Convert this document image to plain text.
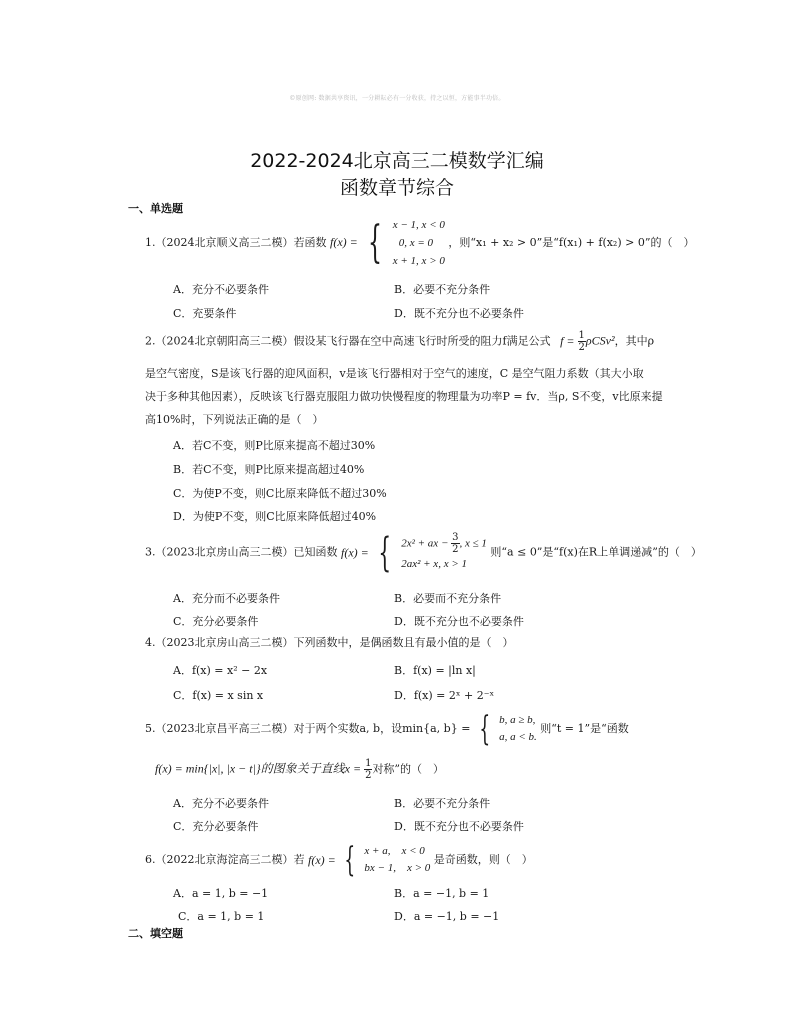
©原创网: 数据共享资讯，一分耕耘必有一分收获，持之以恒，方能事半功倍。
2022-2024北京高三二模数学汇编
函数章节综合
一、单选题
1.（2024北京顺义高三二模）若函数 f(x) = { x − 1, x < 0
0, x = 0
x + 1, x > 0
，则“x₁ + x₂ > 0”是“f(x₁) + f(x₂) > 0”的（　）
A．充分不必要条件	B．必要不充分条件
C．充要条件	D．既不充分也不必要条件
2.（2024北京朝阳高三二模）假设某飞行器在空中高速飞行时所受的阻力f满足公式 $f = \frac{1}{2} \rho CSv^2$，其中ρ
是空气密度，S是该飞行器的迎风面积，v是该飞行器相对于空气的速度，C 是空气阻力系数（其大小取
决于多种其他因素），反映该飞行器克服阻力做功快慢程度的物理量为功率P = fv．当ρ, S不变，v比原来提
高10%时，下列说法正确的是（　）
A．若C不变，则P比原来提高不超过30%
B．若C不变，则P比原来提高超过40%
C．为使P不变，则C比原来降低不超过30%
D．为使P不变，则C比原来降低超过40%
3.（2023北京房山高三二模）已知函数 f(x) = { 2x² + ax − $\frac{3}{2}$ , x ≤ 1
2ax² + x, x > 1
则“a ≤ 0”是“f(x)在R上单调递减”的（　）
A．充分而不必要条件	B．必要而不充分条件
C．充分必要条件	D．既不充分也不必要条件
4.（2023北京房山高三二模）下列函数中，是偶函数且有最小值的是（　）
A．f(x) = x² − 2x	B．f(x) = |ln x|
C．f(x) = x sin x	D．f(x) = 2ˣ + 2⁻ˣ
5.（2023北京昌平高三二模）对于两个实数a, b，设min{a, b} = { b, a ≥ b,
a, a < b.
则“t = 1”是“函数
f(x) = min{|x|, |x − t|}的图象关于直线$x = \frac{1}{2}$ 对称”的（　）
A．充分不必要条件	B．必要不充分条件
C．充分必要条件	D．既不充分也不必要条件
6.（2022北京海淀高三二模）若 f(x) = { x + a,　x < 0
bx − 1,　x > 0
是奇函数，则（　）
A．a = 1, b = −1	B．a = −1, b = 1
C．a = 1, b = 1	D．a = −1, b = −1
二、填空题
